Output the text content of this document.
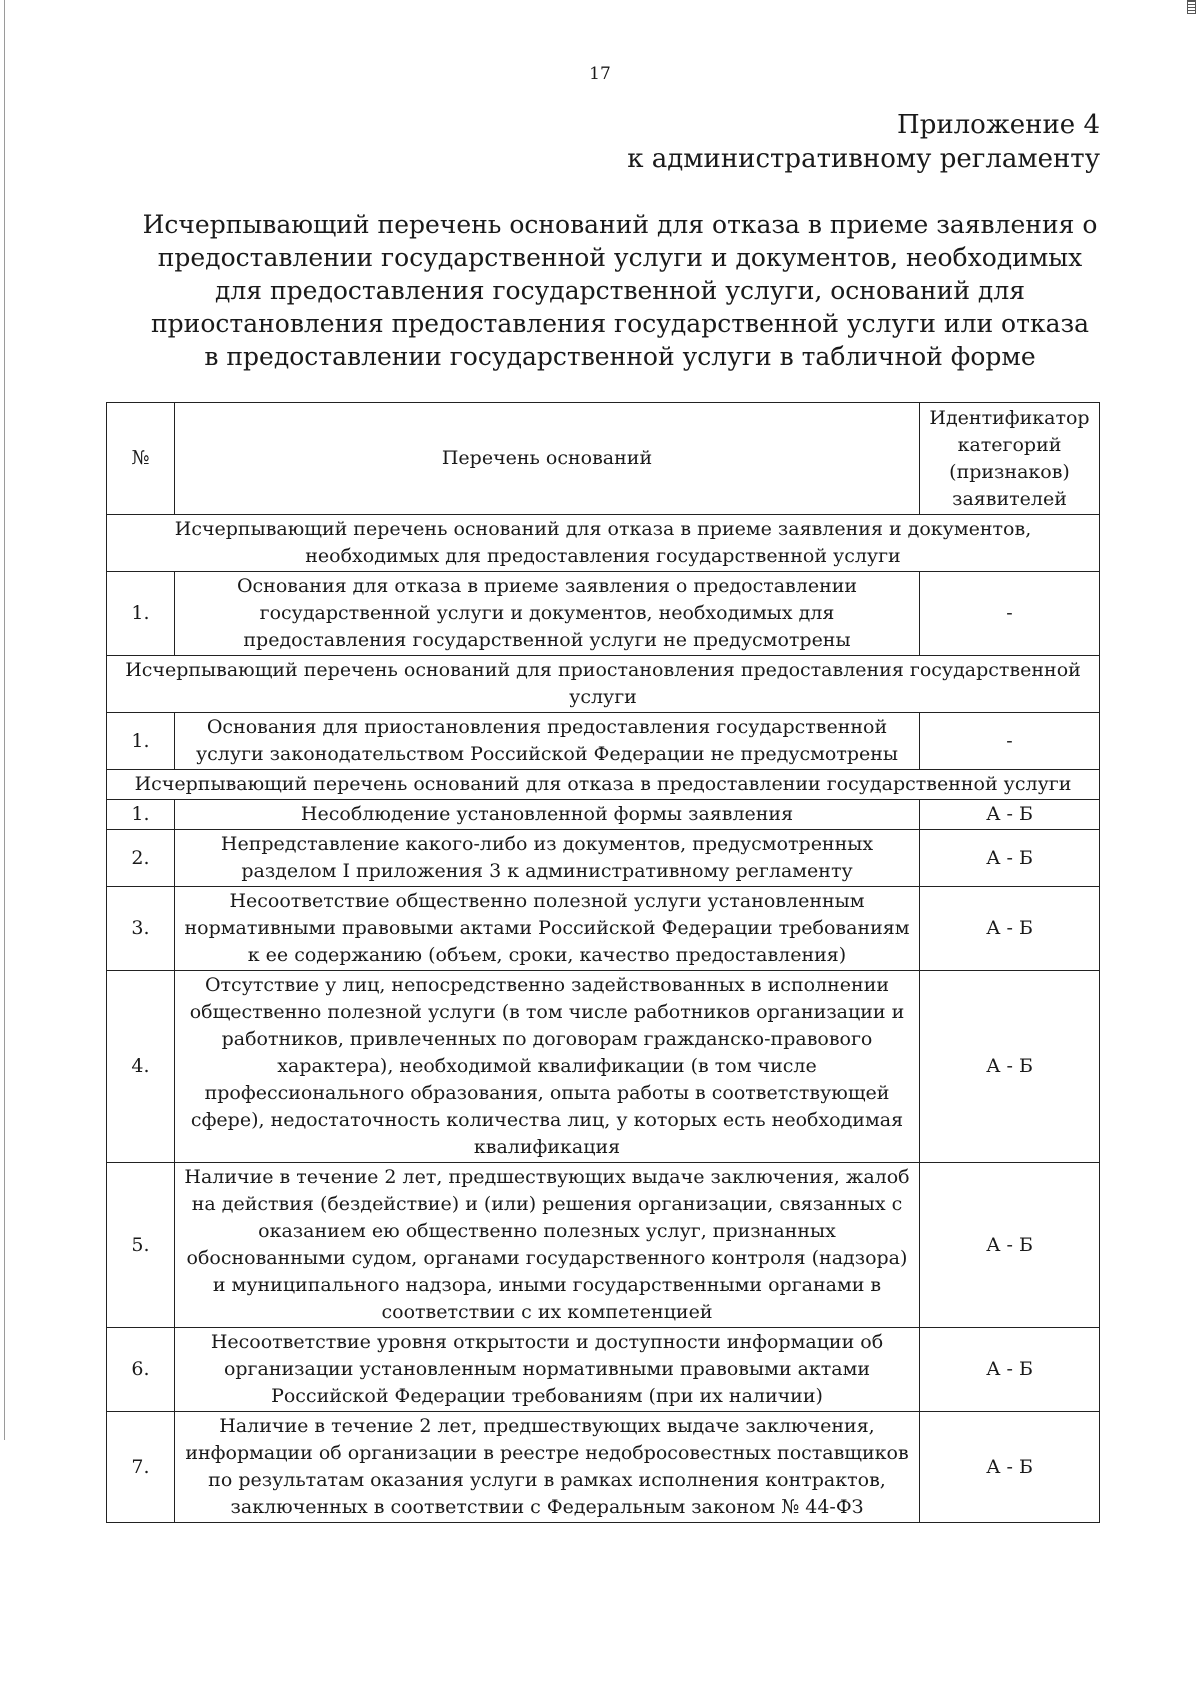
17
Приложение 4
к административному регламенту
Исчерпывающий перечень оснований для отказа в приеме заявления о предоставлении государственной услуги и документов, необходимых для предоставления государственной услуги, оснований для приостановления предоставления государственной услуги или отказа в предоставлении государственной услуги в табличной форме
№	Перечень оснований	Идентификатор категорий (признаков) заявителей
Исчерпывающий перечень оснований для отказа в приеме заявления и документов, необходимых для предоставления государственной услуги		
1.	Основания для отказа в приеме заявления о предоставлении государственной услуги и документов, необходимых для предоставления государственной услуги не предусмотрены	-
Исчерпывающий перечень оснований для приостановления предоставления государственной услуги		
1.	Основания для приостановления предоставления государственной услуги законодательством Российской Федерации не предусмотрены	-
Исчерпывающий перечень оснований для отказа в предоставлении государственной услуги		
1.	Несоблюдение установленной формы заявления	А - Б
2.	Непредставление какого-либо из документов, предусмотренных разделом I приложения 3 к административному регламенту	А - Б
3.	Несоответствие общественно полезной услуги установленным нормативными правовыми актами Российской Федерации требованиям к ее содержанию (объем, сроки, качество предоставления)	А - Б
4.	Отсутствие у лиц, непосредственно задействованных в исполнении общественно полезной услуги (в том числе работников организации и работников, привлеченных по договорам гражданско-правового характера), необходимой квалификации (в том числе профессионального образования, опыта работы в соответствующей сфере), недостаточность количества лиц, у которых есть необходимая квалификация	А - Б
5.	Наличие в течение 2 лет, предшествующих выдаче заключения, жалоб на действия (бездействие) и (или) решения организации, связанных с оказанием ею общественно полезных услуг, признанных обоснованными судом, органами государственного контроля (надзора) и муниципального надзора, иными государственными органами в соответствии с их компетенцией	А - Б
6.	Несоответствие уровня открытости и доступности информации об организации установленным нормативными правовыми актами Российской Федерации требованиям (при их наличии)	А - Б
7.	Наличие в течение 2 лет, предшествующих выдаче заключения, информации об организации в реестре недобросовестных поставщиков по результатам оказания услуги в рамках исполнения контрактов, заключенных в соответствии с Федеральным законом № 44-ФЗ	А - Б
